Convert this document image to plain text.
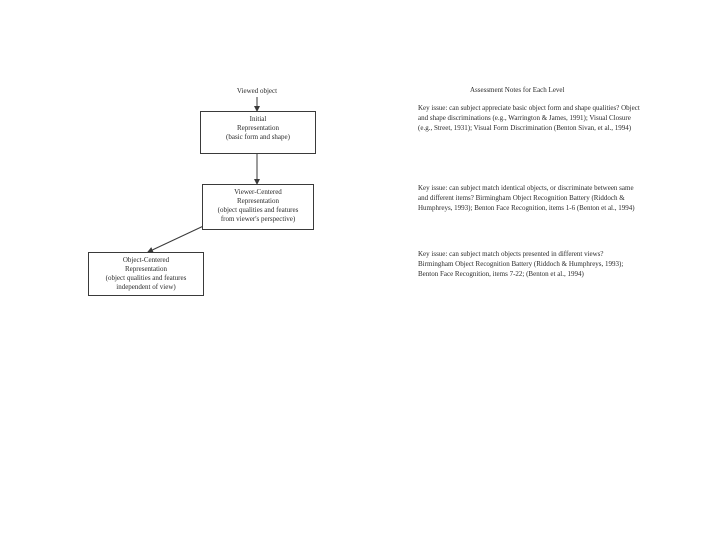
Viewed object
Initial
Representation
(basic form and shape)
Viewer-Centered
Representation
(object qualities and features
from viewer's perspective)
Object-Centered
Representation
(object qualities and features
independent of view)
Assessment Notes for Each Level
Key issue: can subject appreciate basic object form and shape qualities? Object and shape discriminations (e.g., Warrington & James, 1991); Visual Closure (e.g., Street, 1931); Visual Form Discrimination (Benton Sivan, et al., 1994)
Key issue: can subject match identical objects, or discriminate between same and different items? Birmingham Object Recognition Battery (Riddoch & Humphreys, 1993); Benton Face Recognition, items 1-6 (Benton et al., 1994)
Key issue: can subject match objects presented in different views? Birmingham Object Recognition Battery (Riddoch & Humphreys, 1993); Benton Face Recognition, items 7-22; (Benton et al., 1994)
